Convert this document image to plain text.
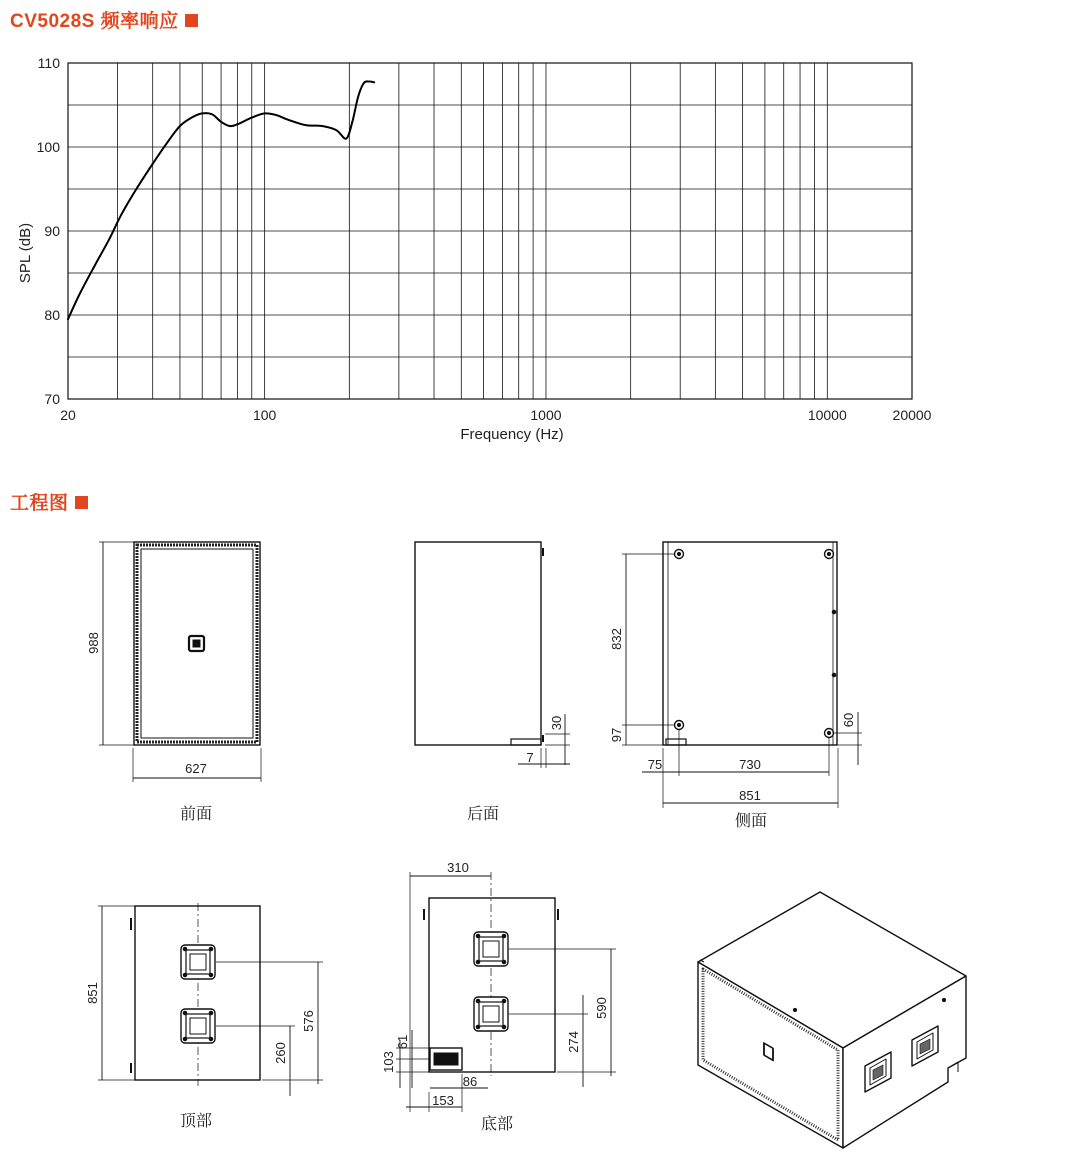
CV5028S 频率响应
70
80
90
100
110
20	100	1000	10000	20000
Frequency (Hz)
SPL (dB)
工程图
988
627
前面
30
7
后面
832
97
60
75	730
851
侧面
851
576
260
顶部
310
590
274
61
103
86
153
底部
